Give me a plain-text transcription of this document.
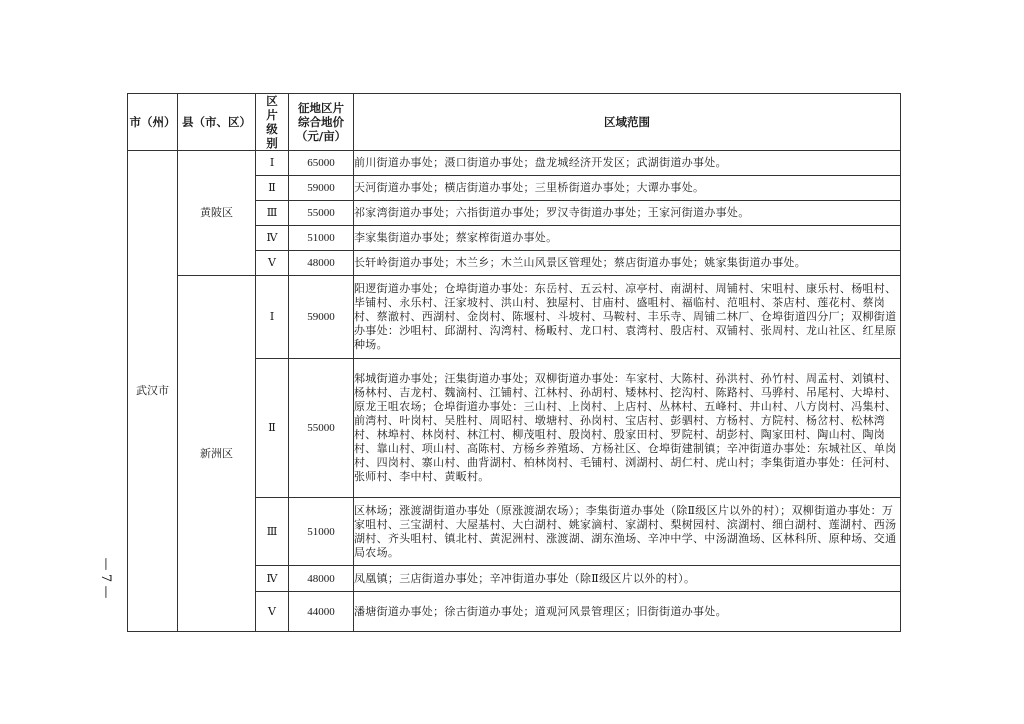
市（州）	县（市、区）	区片级别	征地区片综合地价（元/亩）	区域范围
武汉市	黄陂区	Ⅰ	65000	前川街道办事处；滠口街道办事处；盘龙城经济开发区；武湖街道办事处。
		Ⅱ	59000	天河街道办事处；横店街道办事处；三里桥街道办事处；大谭办事处。
		Ⅲ	55000	祁家湾街道办事处；六指街道办事处；罗汉寺街道办事处；王家河街道办事处。
		Ⅳ	51000	李家集街道办事处；蔡家榨街道办事处。
		Ⅴ	48000	长轩岭街道办事处；木兰乡；木兰山风景区管理处；蔡店街道办事处；姚家集街道办事处。
	新洲区	Ⅰ	59000	阳逻街道办事处；仓埠街道办事处：东岳村、五云村、凉亭村、南湖村、周铺村、宋咀村、康乐村、杨咀村、毕铺村、永乐村、汪家坡村、洪山村、独屋村、甘庙村、盛咀村、福临村、范咀村、茶店村、莲花村、蔡岗村、蔡澈村、西湖村、金岗村、陈堰村、斗坡村、马鞍村、丰乐寺、周铺二林厂、仓埠街道四分厂；双柳街道办事处：沙咀村、邱湖村、沟湾村、杨畈村、龙口村、袁湾村、殷店村、双铺村、张周村、龙山社区、红星原种场。
		Ⅱ	55000	邾城街道办事处；汪集街道办事处；双柳街道办事处：车家村、大陈村、孙洪村、孙竹村、周孟村、刘镇村、杨林村、吉龙村、魏滴村、江铺村、江林村、孙胡村、矮林村、挖沟村、陈路村、马骅村、吊尾村、大埠村、原龙王咀农场；仓埠街道办事处：三山村、上岗村、上店村、丛林村、五峰村、井山村、八方岗村、冯集村、前湾村、叶岗村、吴胜村、周昭村、墩塘村、孙岗村、宝店村、彭驷村、方杨村、方院村、杨岔村、松林湾村、林埠村、林岗村、林江村、柳茂咀村、殷岗村、殷家田村、罗院村、胡彭村、陶家田村、陶山村、陶岗村、靠山村、项山村、高陈村、方杨乡养殖场、方杨社区、仓埠街建制镇；辛冲街道办事处：东城社区、单岗村、四岗村、寨山村、曲背湖村、柏林岗村、毛铺村、浏湖村、胡仁村、虎山村；李集街道办事处：任河村、张师村、李中村、黄畈村。
		Ⅲ	51000	区林场；涨渡湖街道办事处（原涨渡湖农场）；李集街道办事处（除Ⅱ级区片以外的村）；双柳街道办事处：万家咀村、三宝湖村、大屋基村、大白湖村、姚家滴村、家湖村、梨树园村、滨湖村、细白湖村、莲湖村、西汤湖村、齐头咀村、镇北村、黄泥洲村、涨渡湖、湖东渔场、辛冲中学、中汤湖渔场、区林科所、原种场、交通局农场。
		Ⅳ	48000	凤凰镇；三店街道办事处；辛冲街道办事处（除Ⅱ级区片以外的村）。
		Ⅴ	44000	潘塘街道办事处；徐古街道办事处；道观河风景管理区；旧街街道办事处。
—
7
—
